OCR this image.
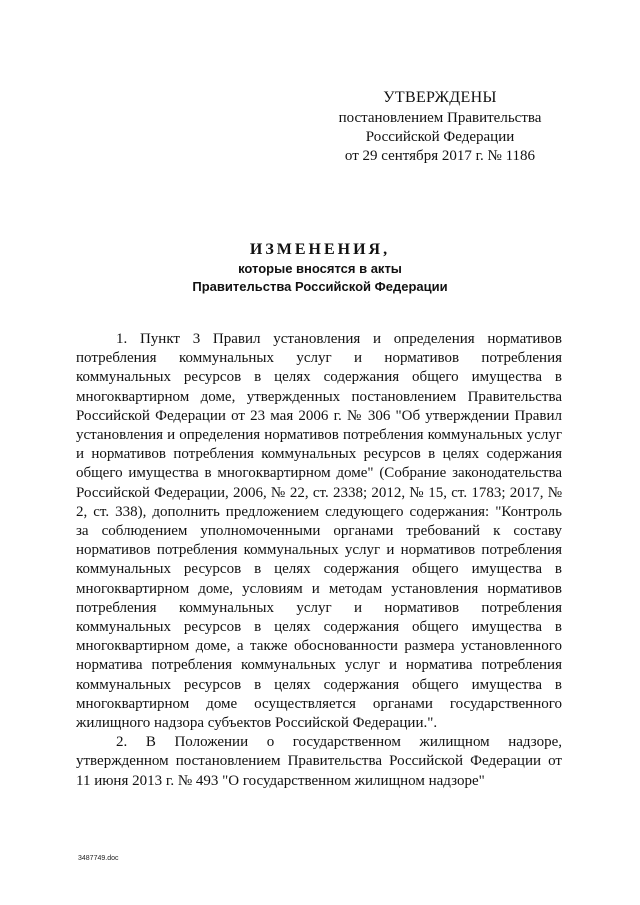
УТВЕРЖДЕНЫ
постановлением Правительства
Российской Федерации
от 29 сентября 2017 г. № 1186
ИЗМЕНЕНИЯ,
которые вносятся в акты
Правительства Российской Федерации

1. Пункт 3 Правил установления и определения нормативов потребления коммунальных услуг и нормативов потребления коммунальных ресурсов в целях содержания общего имущества в многоквартирном доме, утвержденных постановлением Правительства Российской Федерации от 23 мая 2006 г. № 306 "Об утверждении Правил установления и определения нормативов потребления коммунальных услуг и нормативов потребления коммунальных ресурсов в целях содержания общего имущества в многоквартирном доме" (Собрание законодательства Российской Федерации, 2006, № 22, ст. 2338; 2012, № 15, ст. 1783; 2017, № 2, ст. 338), дополнить предложением следующего содержания: "Контроль за соблюдением уполномоченными органами требований к составу нормативов потребления коммунальных услуг и нормативов потребления коммунальных ресурсов в целях содержания общего имущества в многоквартирном доме, условиям и методам установления нормативов потребления коммунальных услуг и нормативов потребления коммунальных ресурсов в целях содержания общего имущества в многоквартирном доме, а также обоснованности размера установленного норматива потребления коммунальных услуг и норматива потребления коммунальных ресурсов в целях содержания общего имущества в многоквартирном доме осуществляется органами государственного жилищного надзора субъектов Российской Федерации.".

2. В Положении о государственном жилищном надзоре, утвержденном постановлением Правительства Российской Федерации от 11 июня 2013 г. № 493 "О государственном жилищном надзоре"

3487749.doc
